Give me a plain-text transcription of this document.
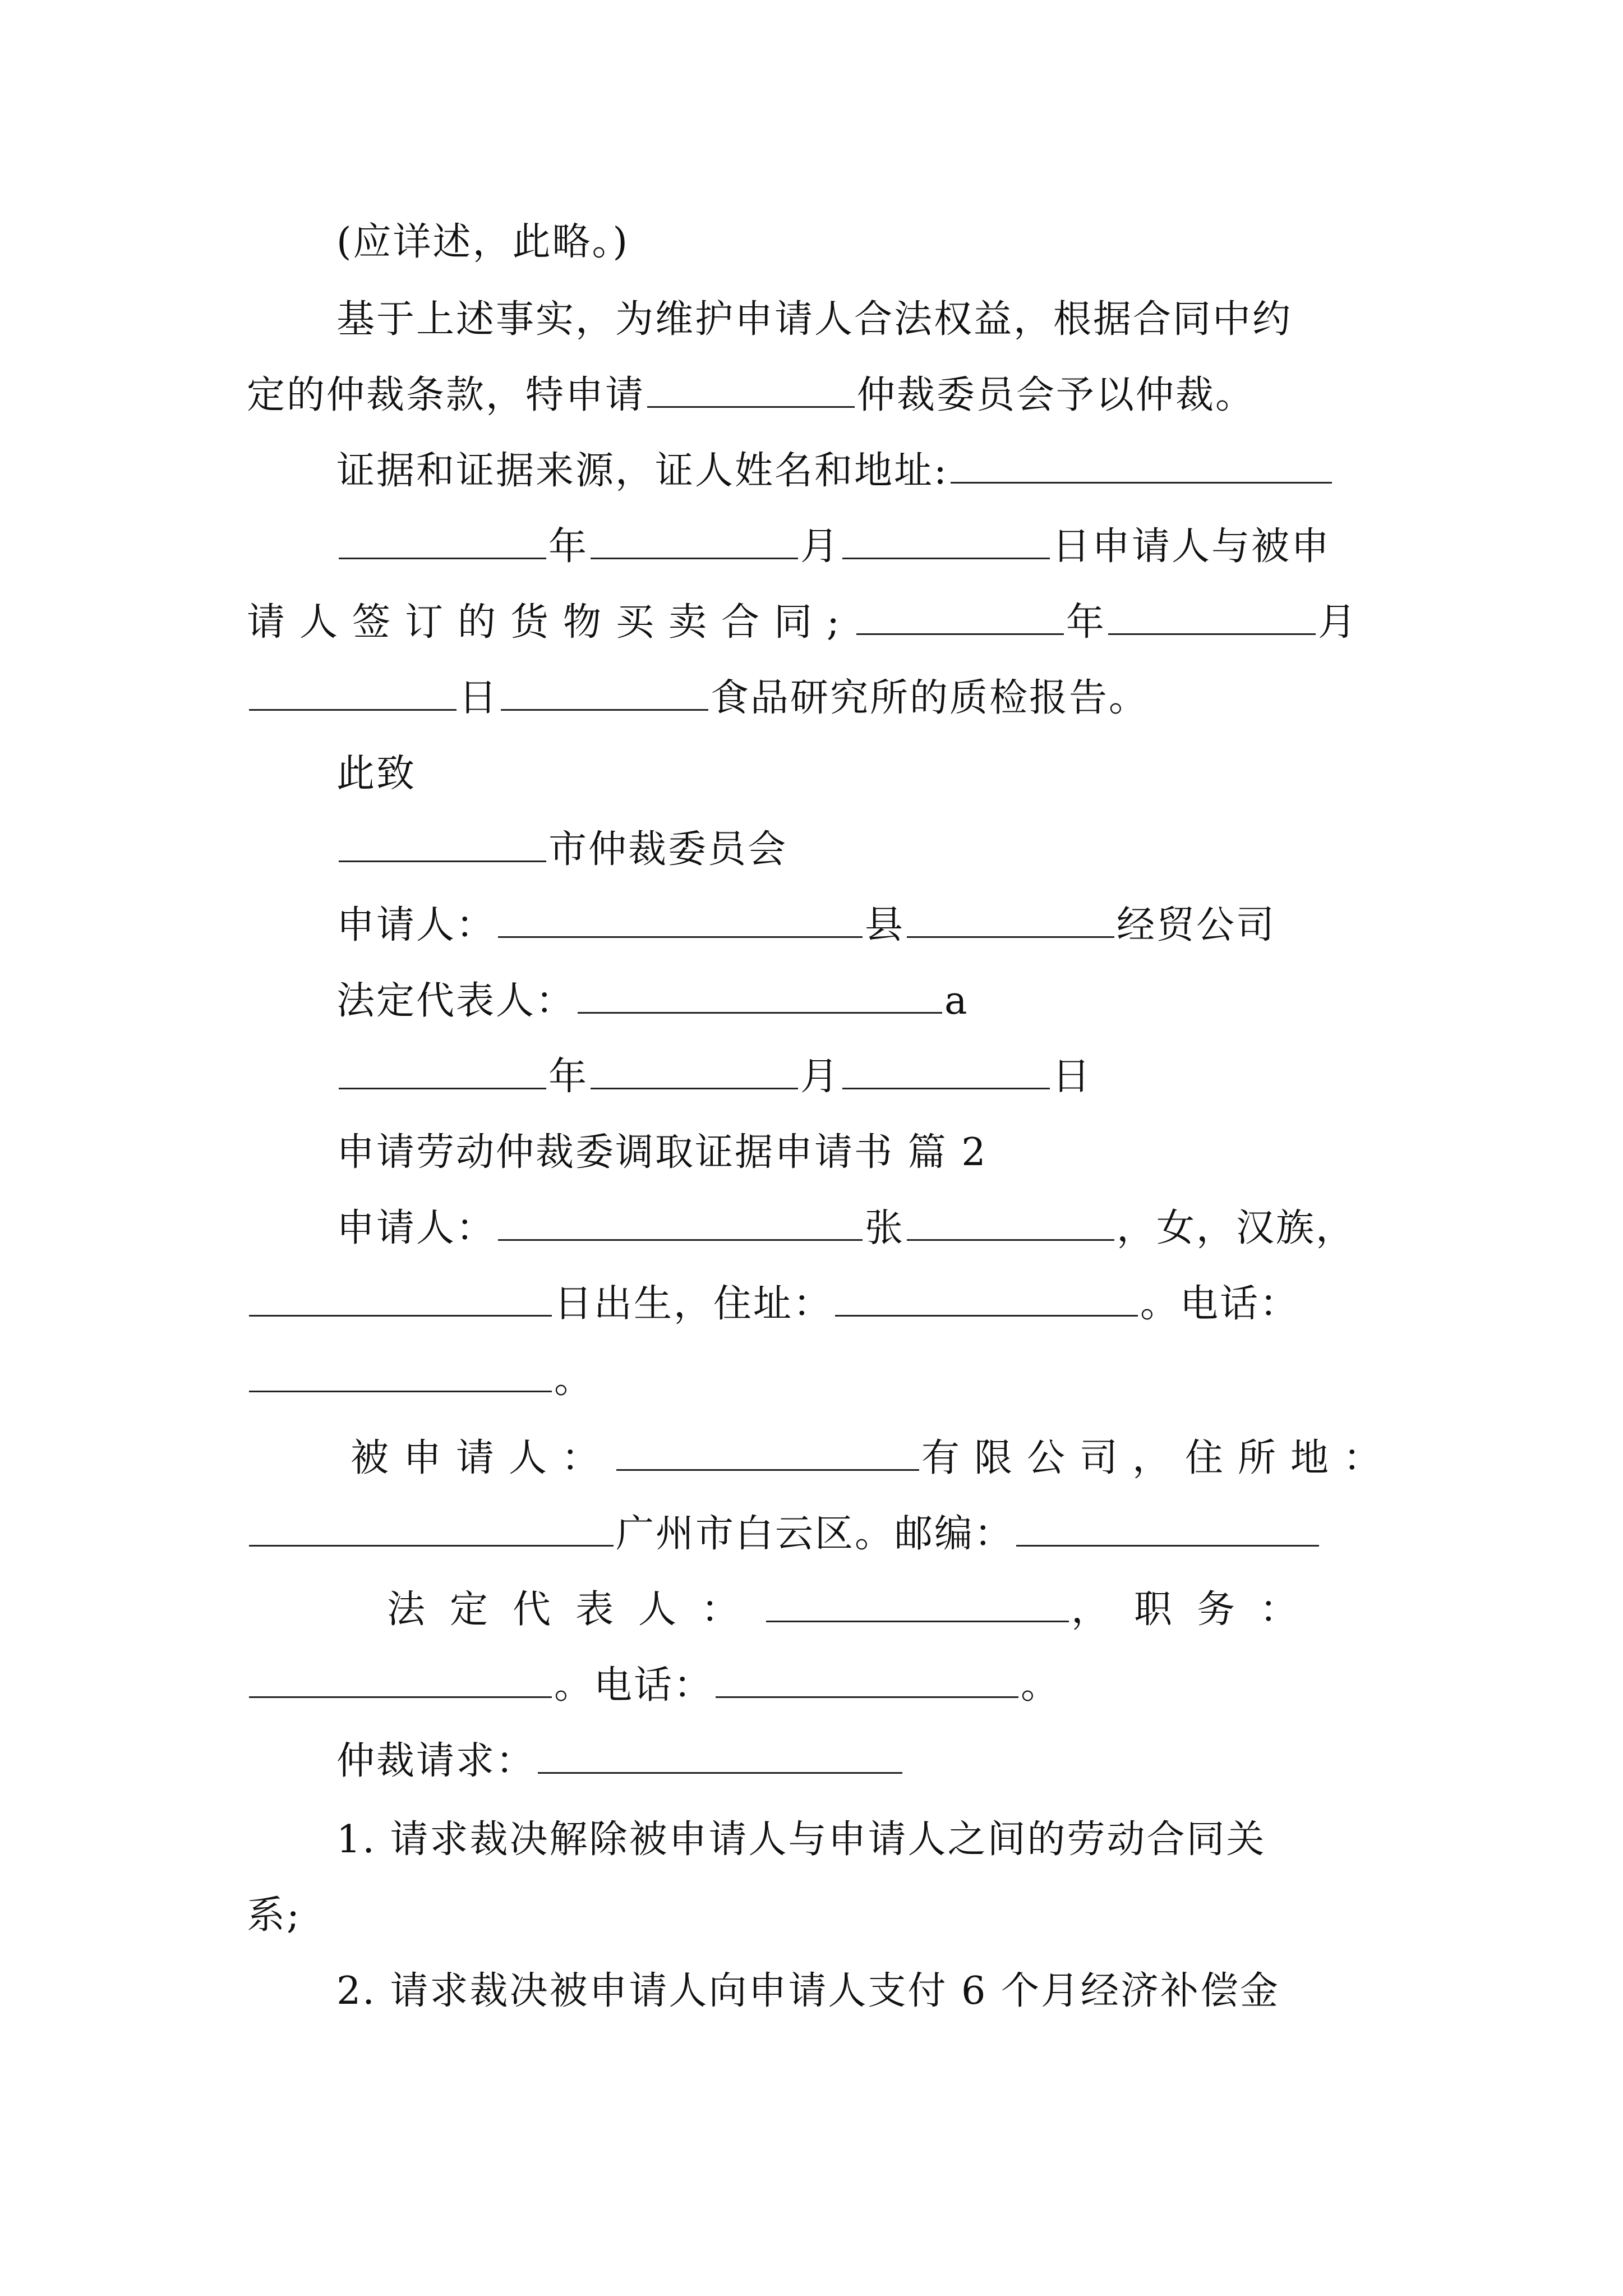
(应详述，此略。)
基于上述事实，为维护申请人合法权益，根据合同中约
定的仲裁条款，特申请	仲裁委员会予以仲裁。
证据和证据来源，证人姓名和地址:
年	月	日申请人与被申
请人签订的货物买卖合同;	年	月
日	食品研究所的质检报告。
此致
市仲裁委员会
申请人：	县	经贸公司
法定代表人：	a
年	月	日
申请劳动仲裁委调取证据申请书 篇 2
申请人：	张	，女，汉族，
日出生，住址：	。电话：
。
被申请人：	有限公司，住所地：
广州市白云区。邮编：
法定代表人：	，职务：
。电话：	。
仲裁请求：
1. 请求裁决解除被申请人与申请人之间的劳动合同关
系;
2. 请求裁决被申请人向申请人支付 6 个月经济补偿金
